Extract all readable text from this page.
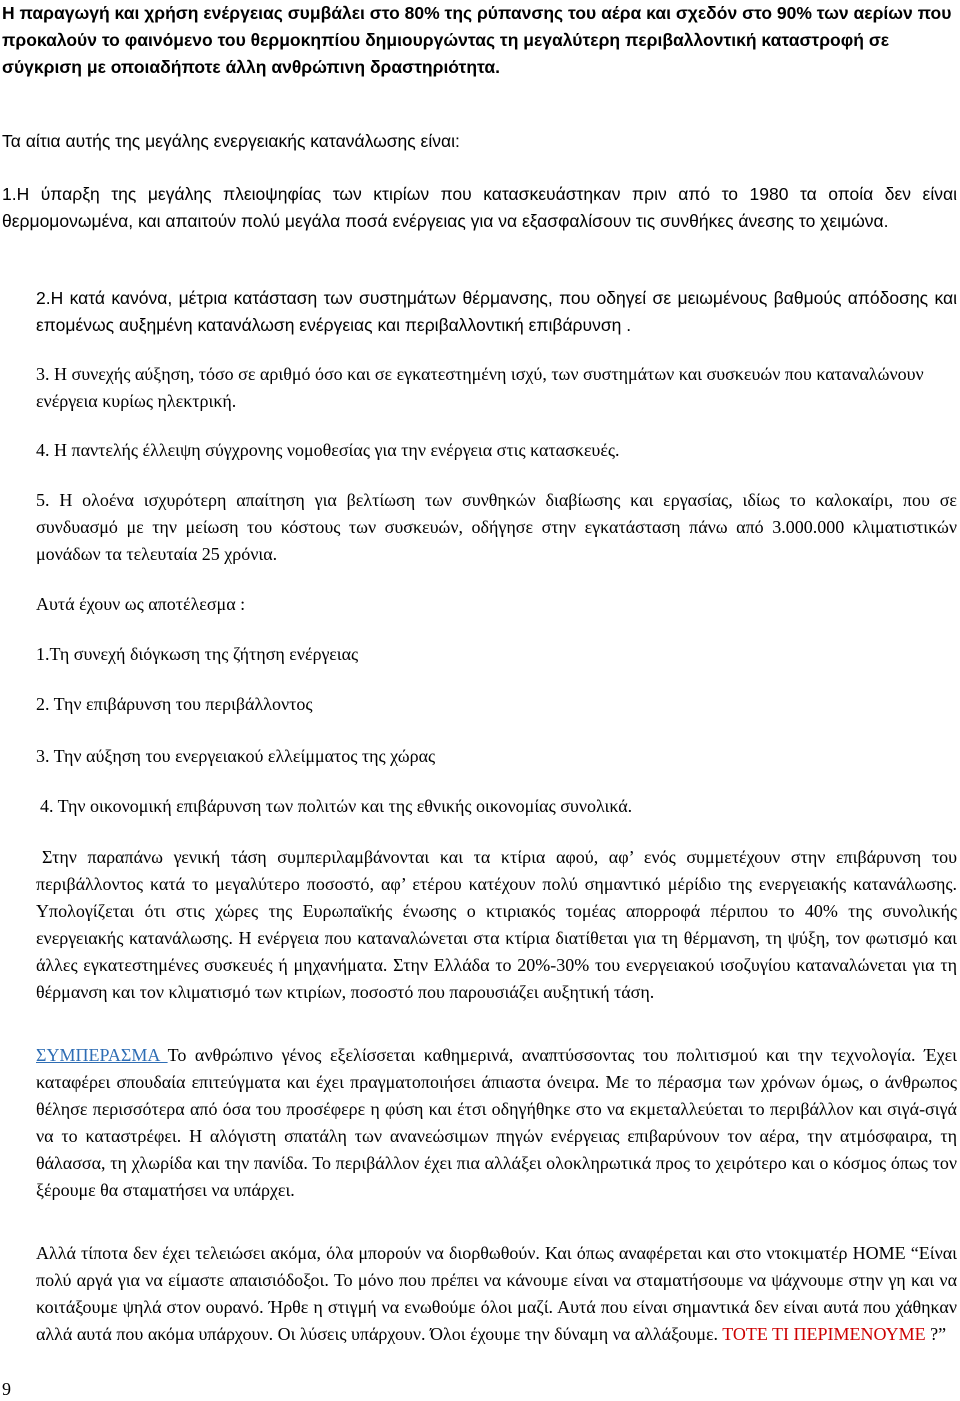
Η παραγωγή και χρήση ενέργειας συμβάλει στο 80% της ρύπανσης του αέρα και σχεδόν στο 90% των αερίων που προκαλούν το φαινόμενο του θερμοκηπίου δημιουργώντας τη μεγαλύτερη περιβαλλοντική καταστροφή σε σύγκριση με οποιαδήποτε άλλη ανθρώπινη δραστηριότητα.

Τα αίτια αυτής της μεγάλης ενεργειακής κατανάλωσης είναι:

1.Η ύπαρξη της μεγάλης πλειοψηφίας των κτιρίων που κατασκευάστηκαν πριν από το 1980 τα οποία δεν είναι θερμομονωμένα, και απαιτούν πολύ μεγάλα ποσά ενέργειας για να εξασφαλίσουν τις συνθήκες άνεσης το χειμώνα.

2.Η κατά κανόνα, μέτρια κατάσταση των συστημάτων θέρμανσης, που οδηγεί σε μειωμένους βαθμούς απόδοσης και επομένως αυξημένη κατανάλωση ενέργειας και περιβαλλοντική επιβάρυνση .

3. Η συνεχής αύξηση, τόσο σε αριθμό όσο και σε εγκατεστημένη ισχύ, των συστημάτων και συσκευών που καταναλώνουν ενέργεια κυρίως ηλεκτρική.

4. Η παντελής έλλειψη σύγχρονης νομοθεσίας για την ενέργεια στις κατασκευές.

5. Η ολοένα ισχυρότερη απαίτηση για βελτίωση των συνθηκών διαβίωσης και εργασίας, ιδίως το καλοκαίρι, που σε συνδυασμό με την μείωση του κόστους των συσκευών, οδήγησε στην εγκατάσταση πάνω από 3.000.000 κλιματιστικών μονάδων τα τελευταία 25 χρόνια.

Αυτά έχουν ως αποτέλεσμα :

1.Τη συνεχή διόγκωση της ζήτηση ενέργειας

2. Την επιβάρυνση του περιβάλλοντος

3. Την αύξηση του ενεργειακού ελλείμματος της χώρας

4. Την οικονομική επιβάρυνση των πολιτών και της εθνικής οικονομίας συνολικά.

Στην παραπάνω γενική τάση συμπεριλαμβάνονται και τα κτίρια αφού, αφ’ ενός συμμετέχουν στην επιβάρυνση του περιβάλλοντος κατά το μεγαλύτερο ποσοστό, αφ’ ετέρου κατέχουν πολύ σημαντικό μέρίδιο της ενεργειακής κατανάλωσης. Υπολογίζεται ότι στις χώρες της Ευρωπαϊκής ένωσης ο κτιριακός τομέας απορροφά πέριπου το 40% της συνολικής ενεργειακής κατανάλωσης. Η ενέργεια που καταναλώνεται στα κτίρια διατίθεται για τη θέρμανση, τη ψύξη, τον φωτισμό και άλλες εγκατεστημένες συσκευές ή μηχανήματα. Στην Ελλάδα το 20%-30% του ενεργειακού ισοζυγίου καταναλώνεται για τη θέρμανση και τον κλιματισμό των κτιρίων, ποσοστό που παρουσιάζει αυξητική τάση.

ΣΥΜΠΕΡΑΣΜΑ Το ανθρώπινο γένος εξελίσσεται καθημερινά, αναπτύσσοντας του πολιτισμού και την τεχνολογία. Έχει καταφέρει σπουδαία επιτεύγματα και έχει πραγματοποιήσει άπιαστα όνειρα. Με το πέρασμα των χρόνων όμως, ο άνθρωπος θέλησε περισσότερα από όσα του προσέφερε η φύση και έτσι οδηγήθηκε στο να εκμεταλλεύεται το περιβάλλον και σιγά-σιγά να το καταστρέφει. Η αλόγιστη σπατάλη των ανανεώσιμων πηγών ενέργειας επιβαρύνουν τον αέρα, την ατμόσφαιρα, τη θάλασσα, τη χλωρίδα και την πανίδα. Το περιβάλλον έχει πια αλλάξει ολοκληρωτικά προς το χειρότερο και ο κόσμος όπως τον ξέρουμε θα σταματήσει να υπάρχει.

Αλλά τίποτα δεν έχει τελειώσει ακόμα, όλα μπορούν να διορθωθούν. Και όπως αναφέρεται και στο ντοκιματέρ HOME “Είναι πολύ αργά για να είμαστε απαισιόδοξοι. Το μόνο που πρέπει να κάνουμε είναι να σταματήσουμε να ψάχνουμε στην γη και να κοιτάξουμε ψηλά στον ουρανό. Ήρθε η στιγμή να ενωθούμε όλοι μαζί. Αυτά που είναι σημαντικά δεν είναι αυτά που χάθηκαν αλλά αυτά που ακόμα υπάρχουν. Οι λύσεις υπάρχουν. Όλοι έχουμε την δύναμη να αλλάξουμε. ΤΟΤΕ ΤΙ ΠΕΡΙΜΕΝΟΥΜΕ ?”

9
